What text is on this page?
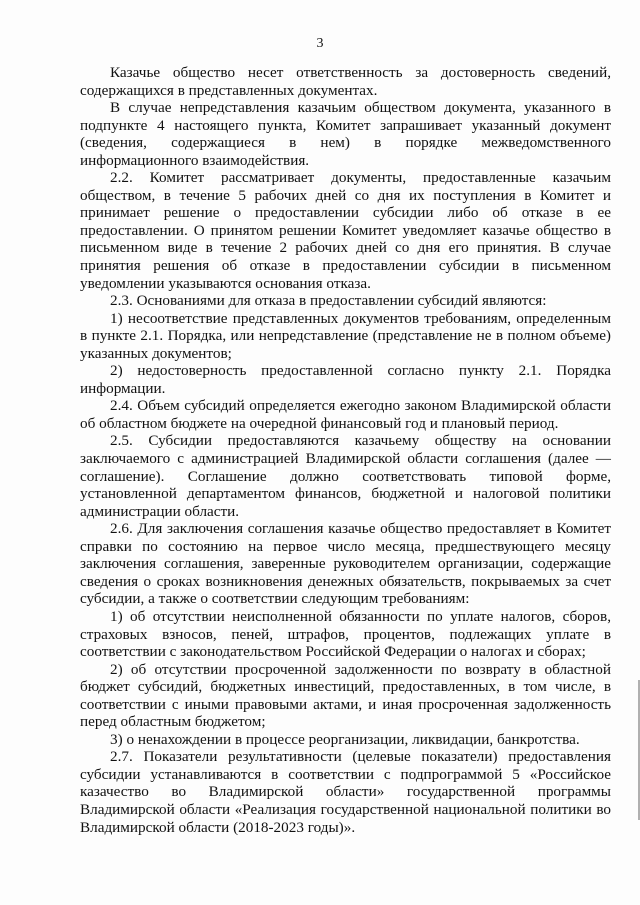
3

Казачье общество несет ответственность за достоверность сведений, содержащихся в представленных документах.

В случае непредставления казачьим обществом документа, указанного в подпункте 4 настоящего пункта, Комитет запрашивает указанный документ (сведения, содержащиеся в нем) в порядке межведомственного информационного взаимодействия.

2.2. Комитет рассматривает документы, предоставленные казачьим обществом, в течение 5 рабочих дней со дня их поступления в Комитет и принимает решение о предоставлении субсидии либо об отказе в ее предоставлении. О принятом решении Комитет уведомляет казачье общество в письменном виде в течение 2 рабочих дней со дня его принятия. В случае принятия решения об отказе в предоставлении субсидии в письменном уведомлении указываются основания отказа.

2.3. Основаниями для отказа в предоставлении субсидий являются:

1) несоответствие представленных документов требованиям, определенным в пункте 2.1. Порядка, или непредставление (представление не в полном объеме) указанных документов;

2) недостоверность предоставленной согласно пункту 2.1. Порядка информации.

2.4. Объем субсидий определяется ежегодно законом Владимирской области об областном бюджете на очередной финансовый год и плановый период.

2.5. Субсидии предоставляются казачьему обществу на основании заключаемого с администрацией Владимирской области соглашения (далее — соглашение). Соглашение должно соответствовать типовой форме, установленной департаментом финансов, бюджетной и налоговой политики администрации области.

2.6. Для заключения соглашения казачье общество предоставляет в Комитет справки по состоянию на первое число месяца, предшествующего месяцу заключения соглашения, заверенные руководителем организации, содержащие сведения о сроках возникновения денежных обязательств, покрываемых за счет субсидии, а также о соответствии следующим требованиям:

1) об отсутствии неисполненной обязанности по уплате налогов, сборов, страховых взносов, пеней, штрафов, процентов, подлежащих уплате в соответствии с законодательством Российской Федерации о налогах и сборах;

2) об отсутствии просроченной задолженности по возврату в областной бюджет субсидий, бюджетных инвестиций, предоставленных, в том числе, в соответствии с иными правовыми актами, и иная просроченная задолженность перед областным бюджетом;

3) о ненахождении в процессе реорганизации, ликвидации, банкротства.

2.7. Показатели результативности (целевые показатели) предоставления субсидии устанавливаются в соответствии с подпрограммой 5 «Российское казачество во Владимирской области» государственной программы Владимирской области «Реализация государственной национальной политики во Владимирской области (2018-2023 годы)».
